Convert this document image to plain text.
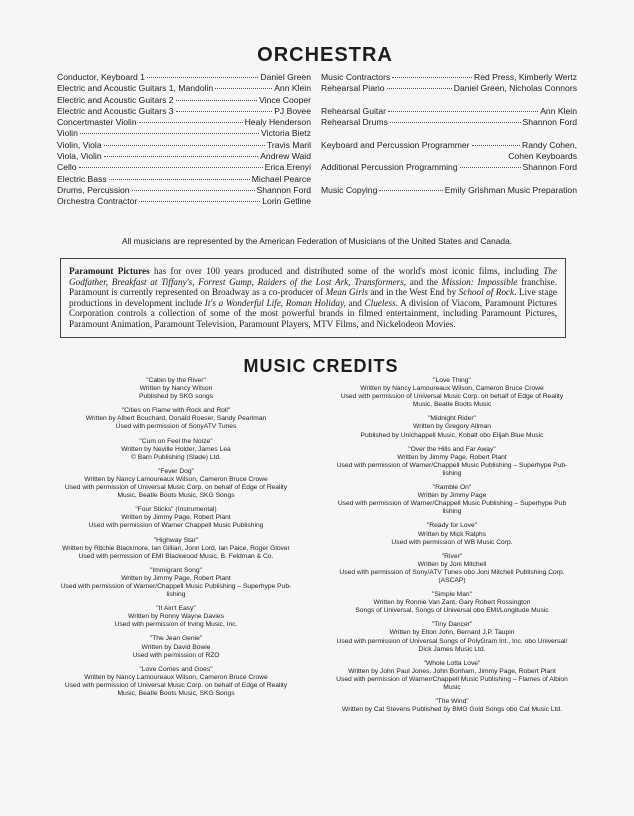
ORCHESTRA
Conductor, Keyboard 1	Daniel Green
Electric and Acoustic Guitars 1, Mandolin	Ann Klein
Electric and Acoustic Guitars 2	Vince Cooper
Electric and Acoustic Guitars 3	PJ Bovee
Concertmaster Violin	Healy Henderson
Violin	Victoria Bietz
Violin, Viola	Travis Maril
Viola, Violin	Andrew Waid
Cello	Erica Erenyi
Electric Bass	Michael Pearce
Drums, Percussion	Shannon Ford
Orchestra Contractor	Lorin Getline
Music Contractors	Red Press, Kimberly Wertz
Rehearsal Piano	Daniel Green, Nicholas Connors
Rehearsal Guitar	Ann Klein
Rehearsal Drums	Shannon Ford
Keyboard and Percussion Programmer	Randy Cohen,
Cohen Keyboards
Additional Percussion Programming	Shannon Ford
Music Copying	Emily Grishman Music Preparation
All musicians are represented by the American Federation of Musicians of the United States and Canada.
Paramount Pictures has for over 100 years produced and distributed some of the world's most iconic films, including The Godfather, Breakfast at Tiffany's, Forrest Gump, Raiders of the Lost Ark, Transformers, and the Mission: Impossible franchise. Paramount is currently represented on Broadway as a co-producer of Mean Girls and in the West End by School of Rock. Live stage productions in development include It's a Wonderful Life, Roman Holiday, and Clueless. A division of Viacom, Paramount Pictures Corporation controls a collection of some of the most powerful brands in filmed entertainment, including Paramount Pictures, Paramount Animation, Paramount Television, Paramount Players, MTV Films, and Nickelodeon Movies.
MUSIC CREDITS
"Cabin by the River"
Written by Nancy Wilson
Published by SKG songs
"Cities on Flame with Rock and Roll"
Written by Albert Bouchard, Donald Roeser, Sandy Pearlman
Used with permission of SonyATV Tunes
"Cum on Feel the Noize"
Written by Neville Holder, James Lea
© Barn Publishing (Slade) Ltd.
"Fever Dog"
Written by Nancy Lamoureaux Wilson, Cameron Bruce Crowe
Used with permission of Universal Music Corp. on behalf of Edge of Reality
Music, Beatle Boots Music, SKG Songs
"Four Sticks" (Instrumental)
Written by Jimmy Page, Robert Plant
Used with permission of Warner Chappell Music Publishing
"Highway Star"
Written by Ritchie Blackmore, Ian Gillian, Jonn Lord, Ian Paice, Roger Glover
Used with permission of EMI Blackwood Music, B. Feldman & Co.
"Immigrant Song"
Written by Jimmy Page, Robert Plant
Used with permission of Warner/Chappell Music Publishing – Superhype Pub-
lishing
"It Ain't Easy"
Written by Ronny Wayne Davies
Used with permission of Irving Music, Inc.
"The Jean Genie"
Written by David Bowie
Used with permission of RZO
"Love Comes and Goes"
Written by Nancy Lamoureaux Wilson, Cameron Bruce Crowe
Used with permission of Universal Music Corp. on behalf of Edge of Reality
Music, Beatle Boots Music, SKG Songs
"Love Thing"
Written by Nancy Lamoureaux Wilson, Cameron Bruce Crowe
Used with permission of Universal Music Corp. on behalf of Edge of Reality
Music, Beatle Boots Music
"Midnight Rider"
Written by Gregory Allman
Published by Unichappell Music, Kobalt obo Elijah Blue Music
"Over the Hills and Far Away"
Written by Jimmy Page, Robert Plant
Used with permission of Warner/Chappell Music Publishing – Superhype Pub-
lishing
"Ramble On"
Written by Jimmy Page
Used with permission of Warner/Chappell Music Publishing – Superhype Pub
lishing
"Ready for Love"
Written by Mick Ralphs
Used with permission of WB Music Corp.
"River"
Written by Joni Mitchell
Used with permission of Sony/ATV Tunes obo Joni Mitchell Publishing Corp.
(ASCAP)
"Simple Man"
Written by Ronnie Van Zant, Gary Robert Rossington
Songs of Universal, Songs of Universal obo EMI/Longitude Music
"Tiny Dancer"
Written by Elton John, Bernard J.P. Taupin
Used with permission of Universal Songs of PolyGram Int., Inc. obo Universal/
Dick James Music Ltd.
"Whole Lotta Love"
Written by John Paul Jones, John Bonham, Jimmy Page, Robert Plant
Used with permission of Warner/Chappell Music Publishing – Flames of Albion
Music
"The Wind"
Written by Cat Stevens Published by BMG Gold Songs obo Cat Music Ltd.
